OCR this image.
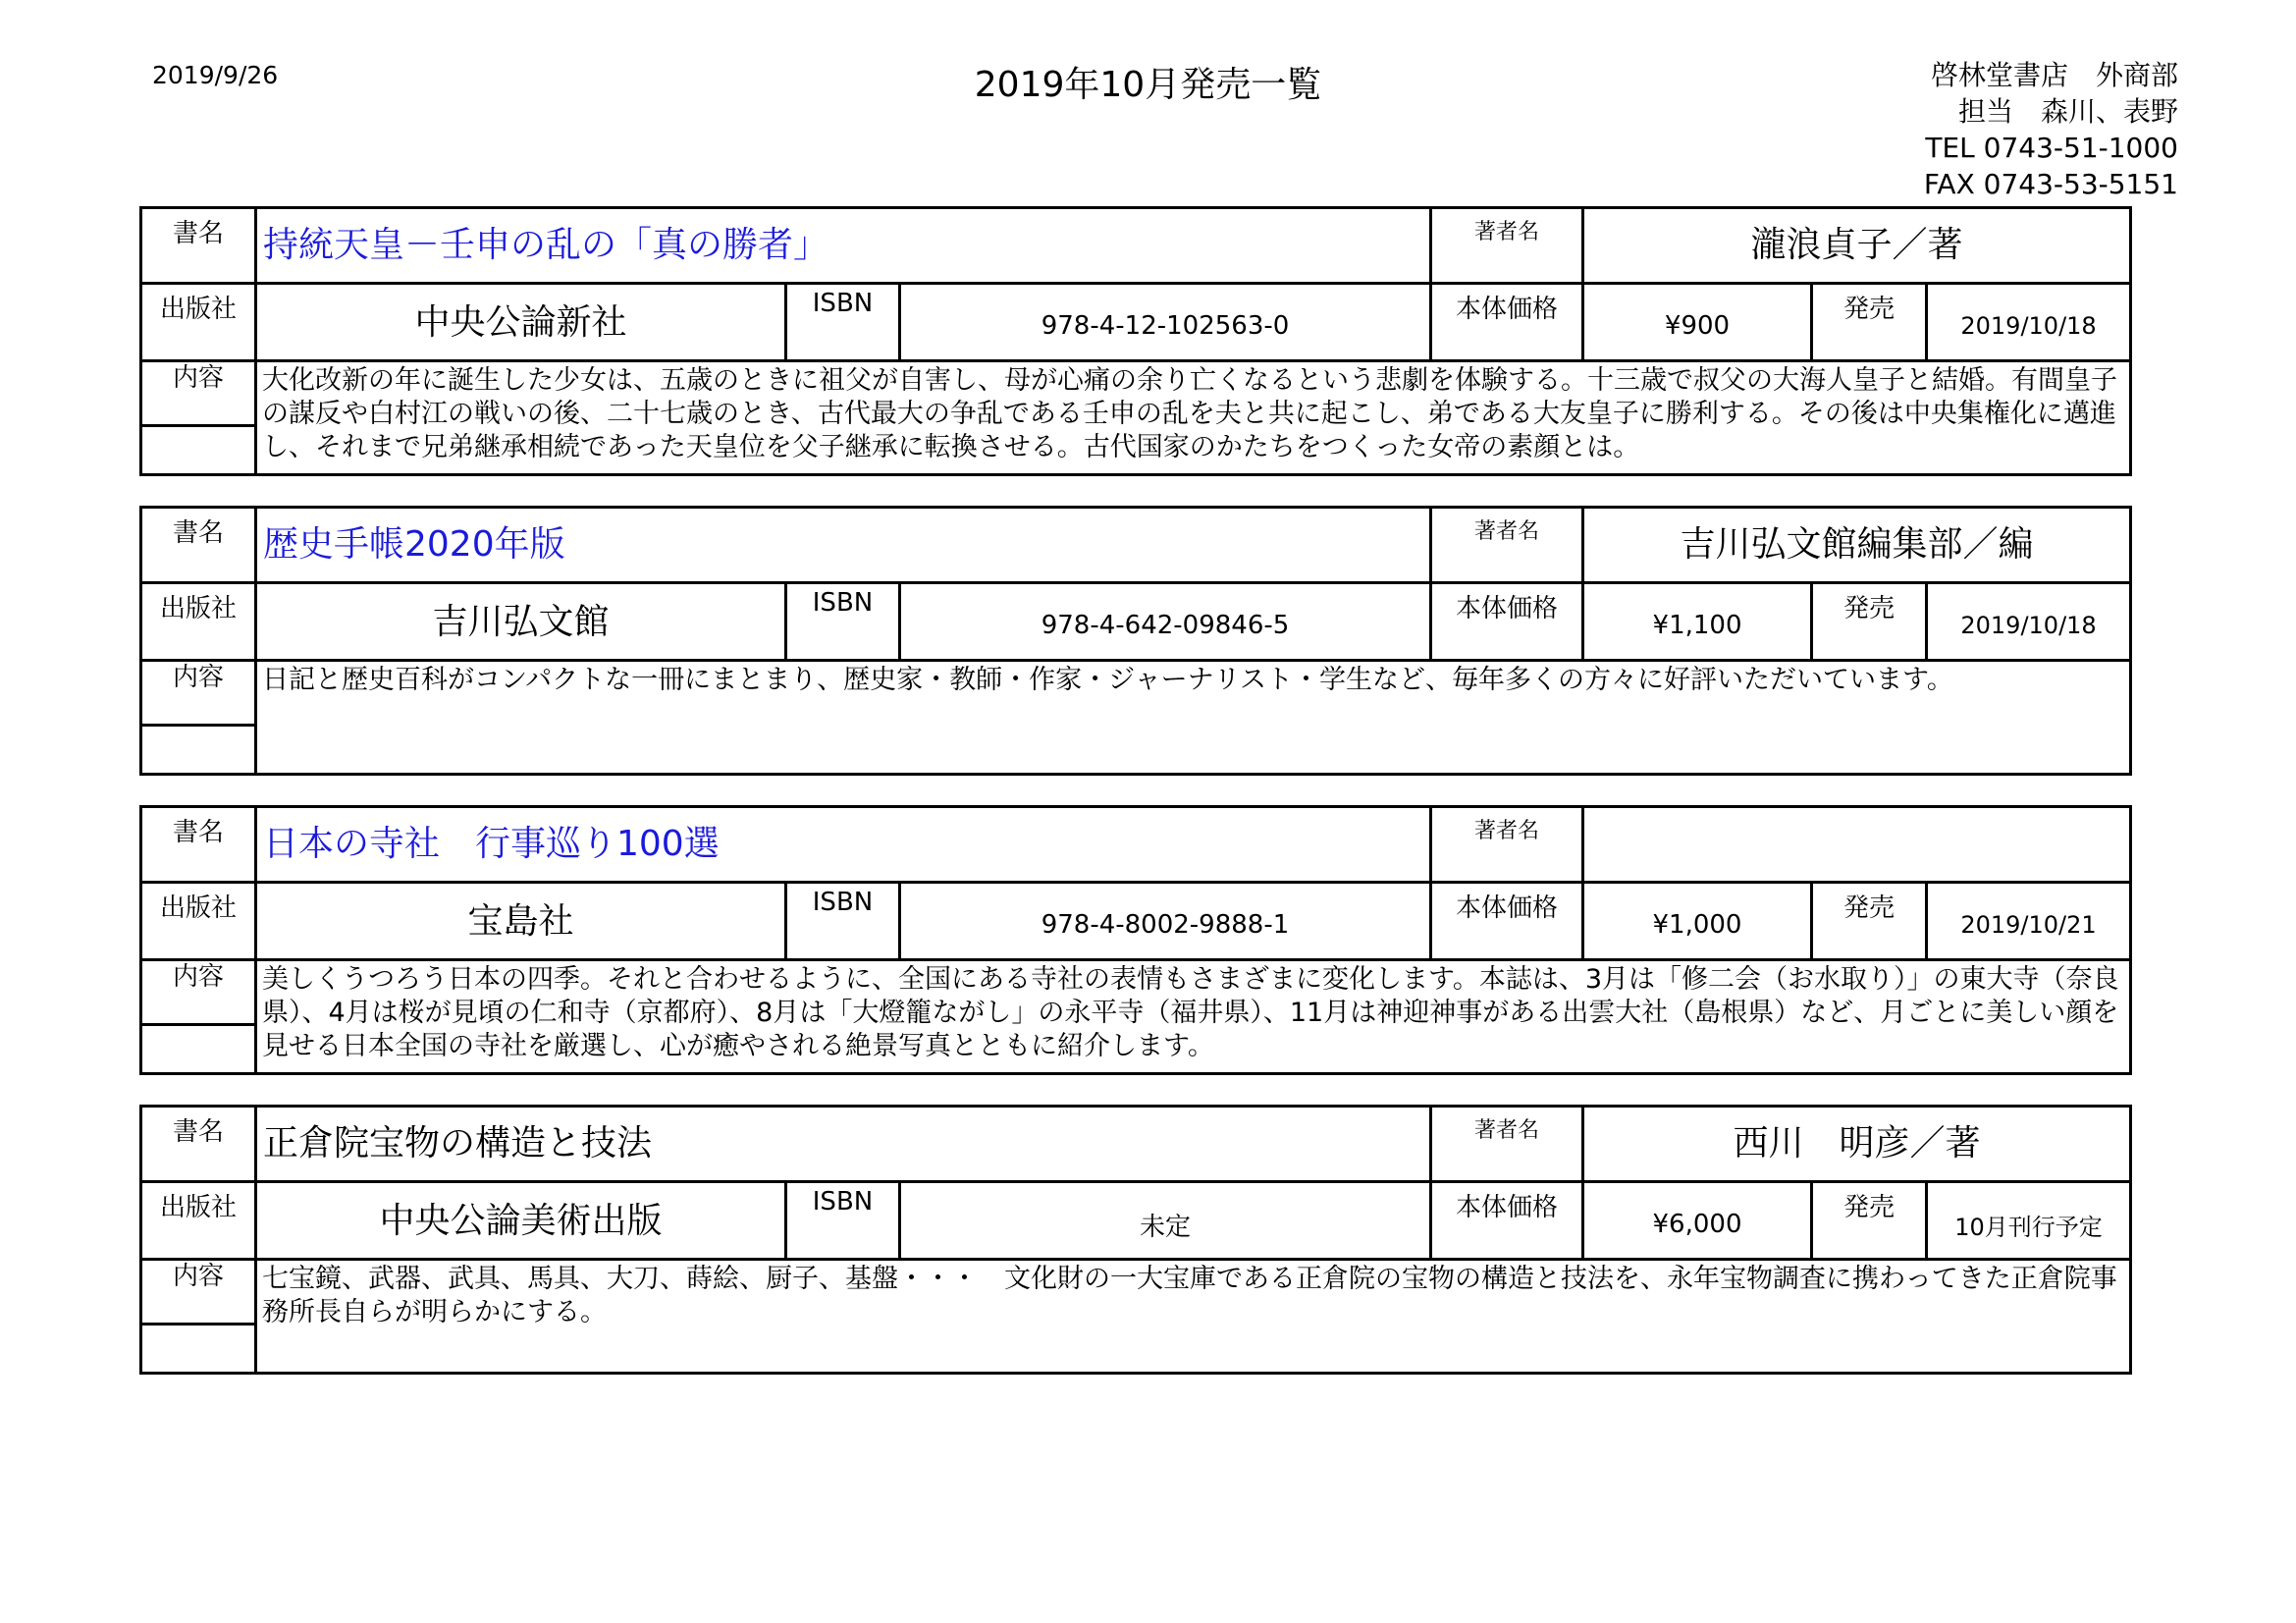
2019/9/26	2019年10月発売一覧	啓林堂書店　外商部
担当　森川、表野
TEL 0743-51-1000
FAX 0743-53-5151
書名	持統天皇－壬申の乱の「真の勝者」			著者名	瀧浪貞子／著		
出版社	中央公論新社	ISBN	978-4-12-102563-0	本体価格	¥900	発売	2019/10/18

内容	大化改新の年に誕生した少女は、五歳のときに祖父が自害し、母が心痛の余り亡くなるという悲劇を体験する。十三歳で叔父の大海人皇子と結婚。有間皇子の謀反や白村江の戦いの後、二十七歳のとき、古代最大の争乱である壬申の乱を夫と共に起こし、弟である大友皇子に勝利する。その後は中央集権化に邁進し、それまで兄弟継承相続であった天皇位を父子継承に転換させる。古代国家のかたちをつくった女帝の素顔とは。						
書名	歴史手帳2020年版			著者名	吉川弘文館編集部／編		
出版社	吉川弘文館	ISBN	978-4-642-09846-5	本体価格	¥1,100	発売	2019/10/18

内容	日記と歴史百科がコンパクトな一冊にまとまり、歴史家・教師・作家・ジャーナリスト・学生など、毎年多くの方々に好評いただいています。						
書名	日本の寺社　行事巡り100選			著者名			
出版社	宝島社	ISBN	978-4-8002-9888-1	本体価格	¥1,000	発売	2019/10/21

内容	美しくうつろう日本の四季。それと合わせるように、全国にある寺社の表情もさまざまに変化します。本誌は、3月は「修二会（お水取り）」の東大寺（奈良県）、4月は桜が見頃の仁和寺（京都府）、8月は「大燈籠ながし」の永平寺（福井県）、11月は神迎神事がある出雲大社（島根県）など、月ごとに美しい顔を見せる日本全国の寺社を厳選し、心が癒やされる絶景写真とともに紹介します。						
書名	正倉院宝物の構造と技法			著者名	西川　明彦／著		
出版社	中央公論美術出版	ISBN	未定	本体価格	¥6,000	発売	10月刊行予定

内容	七宝鏡、武器、武具、馬具、大刀、蒔絵、厨子、基盤・・・　文化財の一大宝庫である正倉院の宝物の構造と技法を、永年宝物調査に携わってきた正倉院事務所長自らが明らかにする。						
